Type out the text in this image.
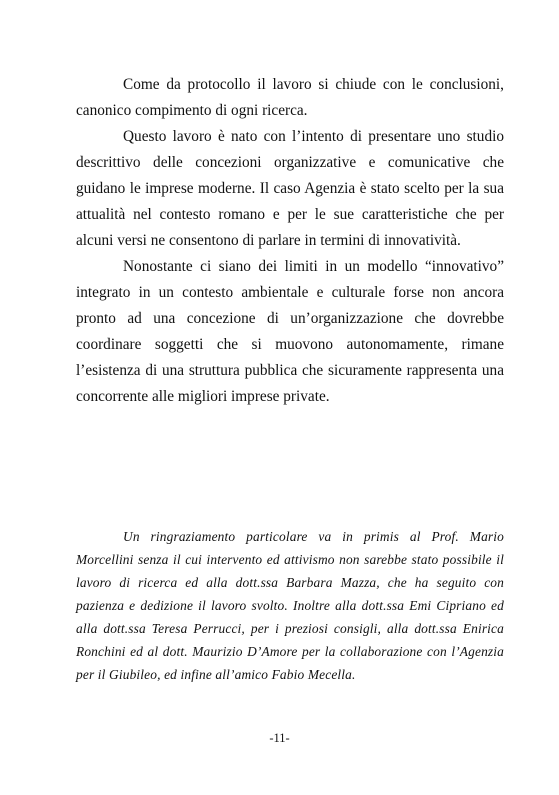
Come da protocollo il lavoro si chiude con le conclusioni, canonico compimento di ogni ricerca.

Questo lavoro è nato con l’intento di presentare uno studio descrittivo delle concezioni organizzative e comunicative che guidano le imprese moderne. Il caso Agenzia è stato scelto per la sua attualità nel contesto romano e per le sue caratteristiche che per alcuni versi ne consentono di parlare in termini di innovatività.

Nonostante ci siano dei limiti in un modello “innovativo” integrato in un contesto ambientale e culturale forse non ancora pronto ad una concezione di un’organizzazione che dovrebbe coordinare soggetti che si muovono autonomamente, rimane l’esistenza di una struttura pubblica che sicuramente rappresenta una concorrente alle migliori imprese private.

Un ringraziamento particolare va in primis al Prof. Mario Morcellini senza il cui intervento ed attivismo non sarebbe stato possibile il lavoro di ricerca ed alla dott.ssa Barbara Mazza, che ha seguito con pazienza e dedizione il lavoro svolto. Inoltre alla dott.ssa Emi Cipriano ed alla dott.ssa Teresa Perrucci, per i preziosi consigli, alla dott.ssa Enirica Ronchini ed al dott. Maurizio D’Amore per la collaborazione con l’Agenzia per il Giubileo, ed infine all’amico Fabio Mecella.

-11-
